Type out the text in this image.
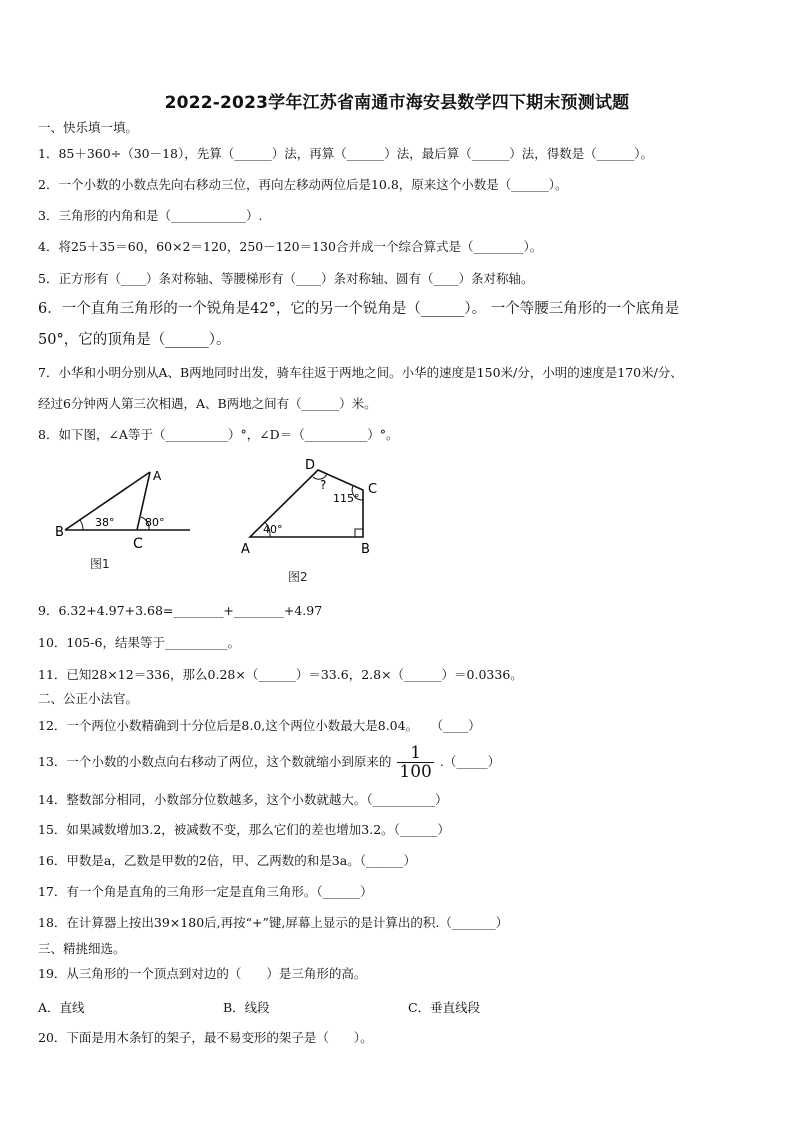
2022-2023学年江苏省南通市海安县数学四下期末预测试题
一、快乐填一填。
1．85＋360÷（30－18），先算（______）法，再算（______）法，最后算（______）法，得数是（______）。
2．一个小数的小数点先向右移动三位，再向左移动两位后是10.8，原来这个小数是（______）。
3．三角形的内角和是（____________）.
4．将25＋35＝60，60×2＝120，250－120＝130合并成一个综合算式是（________）。
5．正方形有（____）条对称轴、等腰梯形有（____）条对称轴、圆有（____）条对称轴。
6．一个直角三角形的一个锐角是42°，它的另一个锐角是（______）。 一个等腰三角形的一个底角是
50°，它的顶角是（______）。
7．小华和小明分别从A、B两地同时出发，骑车往返于两地之间。小华的速度是150米/分，小明的速度是170米/分、
经过6分钟两人第三次相遇，A、B两地之间有（______）米。
8．如下图，∠A等于（__________）°，∠D＝（__________）°。
A
B
C
38°	80°
图1
D
C
A	B
40°
115°
?
图2
9．6.32+4.97+3.68=________+________+4.97
10．105-6，结果等于__________。
11．已知28×12＝336，那么0.28×（______）＝33.6，2.8×（______）＝0.0336。
二、公正小法官。
12．一个两位小数精确到十分位后是8.0,这个两位小数最大是8.04。　　（____）
13．一个小数的小数点向右移动了两位，这个数就缩小到原来的 $\frac{1}{100}$ .（_____）
14．整数部分相同，小数部分位数越多，这个小数就越大。（__________）
15．如果减数增加3.2，被减数不变，那么它们的差也增加3.2。（______）
16．甲数是a，乙数是甲数的2倍，甲、乙两数的和是3a。（______）
17．有一个角是直角的三角形一定是直角三角形。（______）
18．在计算器上按出39×180后,再按“+”键,屏幕上显示的是计算出的积.（_______）
三、精挑细选。
19．从三角形的一个顶点到对边的（　　）是三角形的高。
A．直线	B．线段	C．垂直线段
20．下面是用木条钉的架子，最不易变形的架子是（　　）。
